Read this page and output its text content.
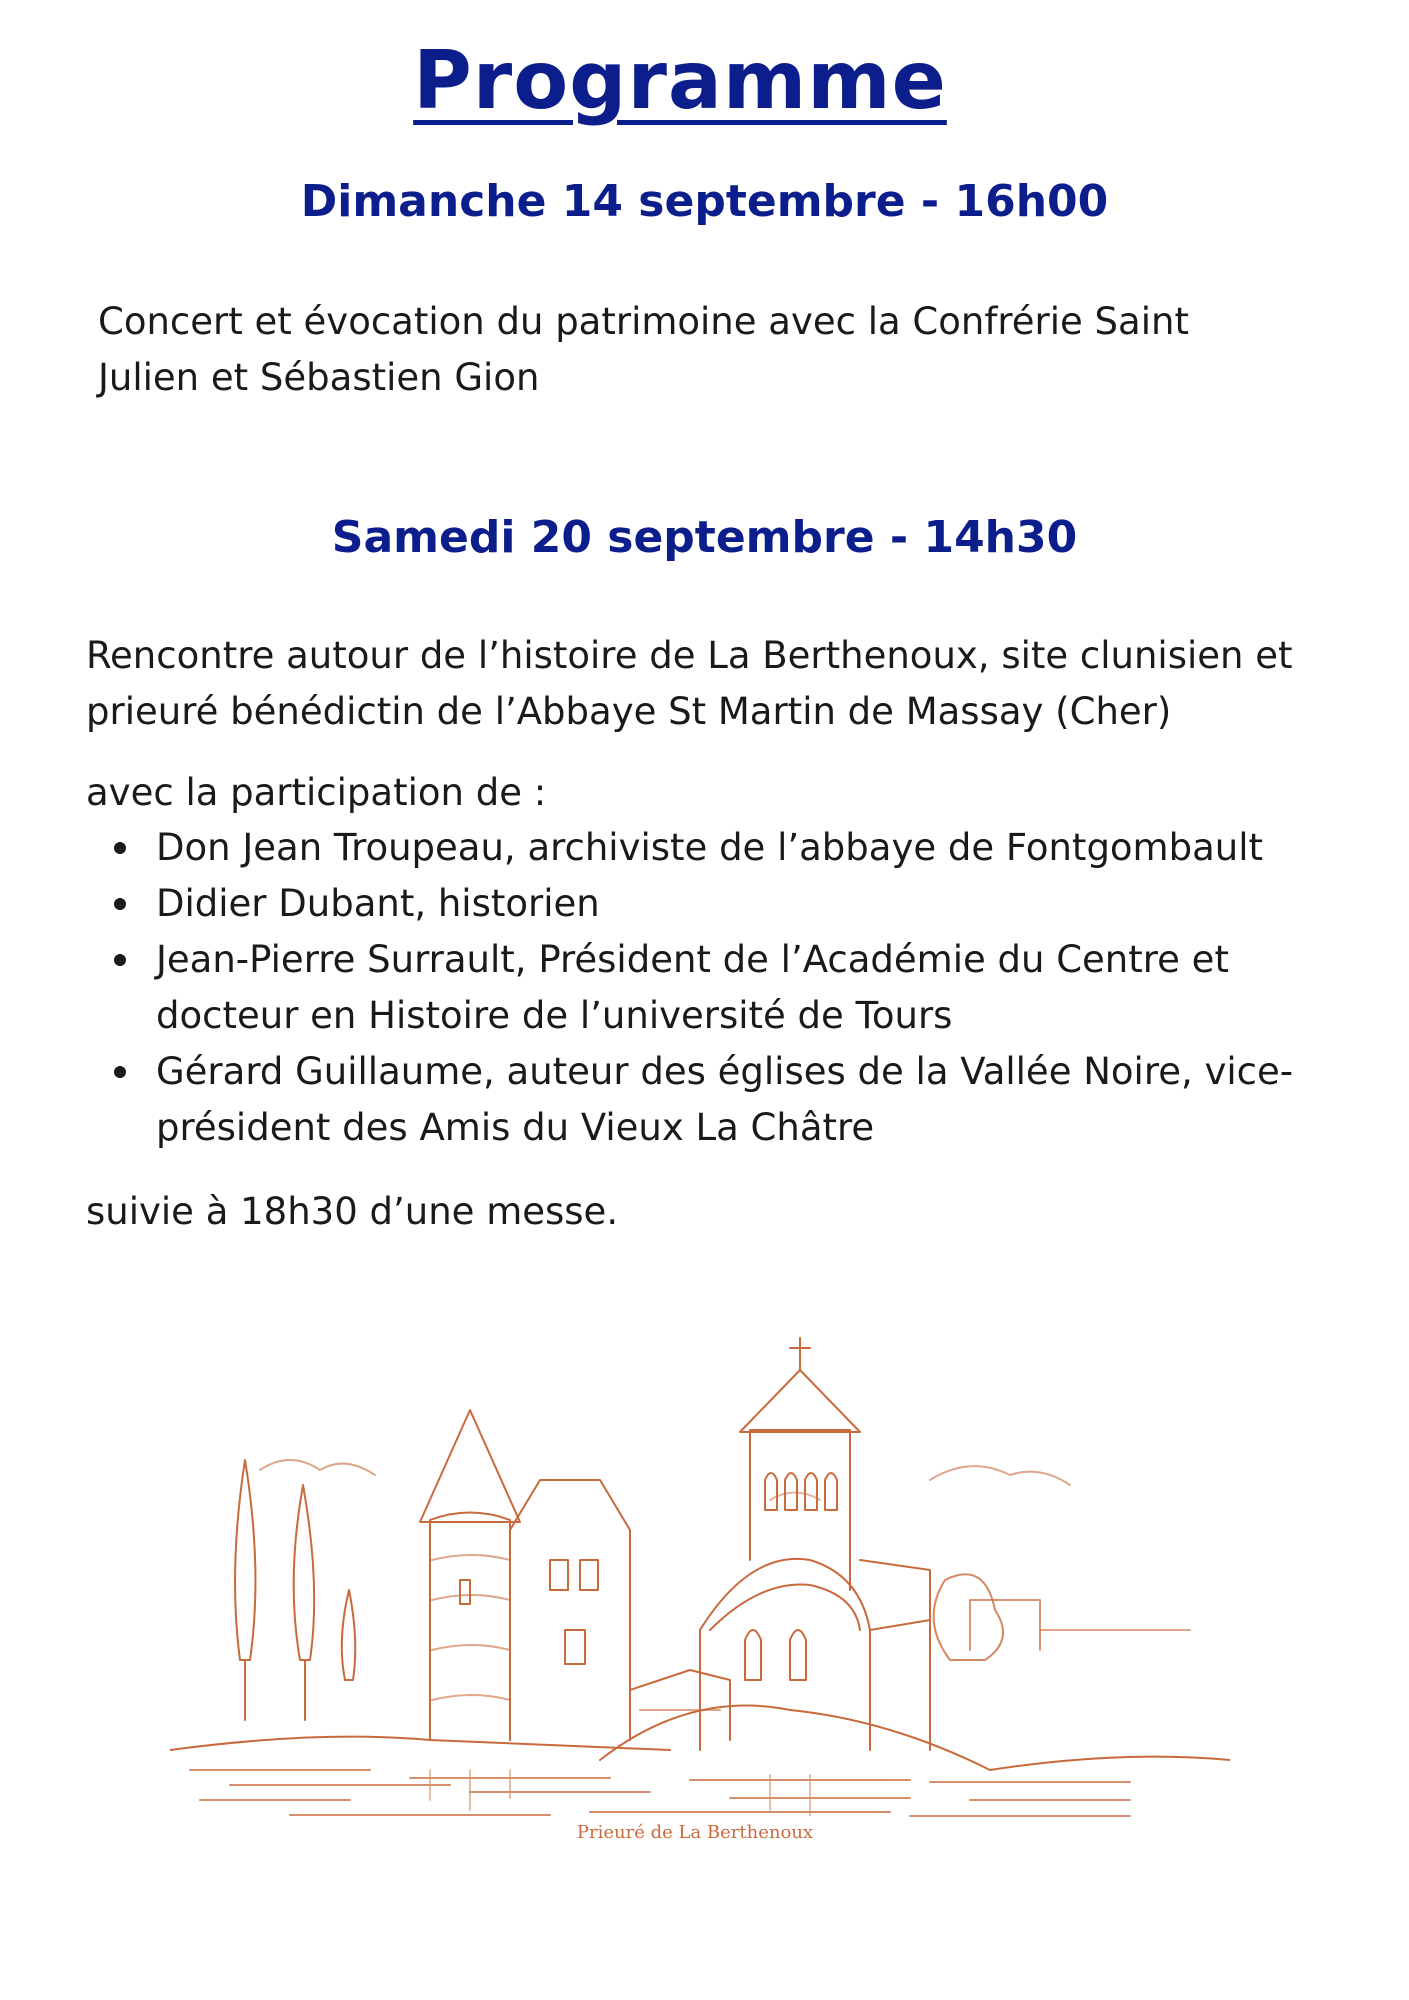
Programme
Dimanche 14 septembre - 16h00

Concert et évocation du patrimoine avec la Confrérie Saint Julien et Sébastien Gion

Samedi 20 septembre - 14h30

Rencontre autour de l’histoire de La Berthenoux, site clunisien et prieuré bénédictin de l’Abbaye St Martin de Massay (Cher)

avec la participation de :

Don Jean Troupeau, archiviste de l’abbaye de Fontgombault
Didier Dubant, historien
Jean-Pierre Surrault, Président de l’Académie du Centre et docteur en Histoire de l’université de Tours
Gérard Guillaume, auteur des églises de la Vallée Noire, vice-président des Amis du Vieux La Châtre

suivie à 18h30 d’une messe.

Prieuré de La Berthenoux
